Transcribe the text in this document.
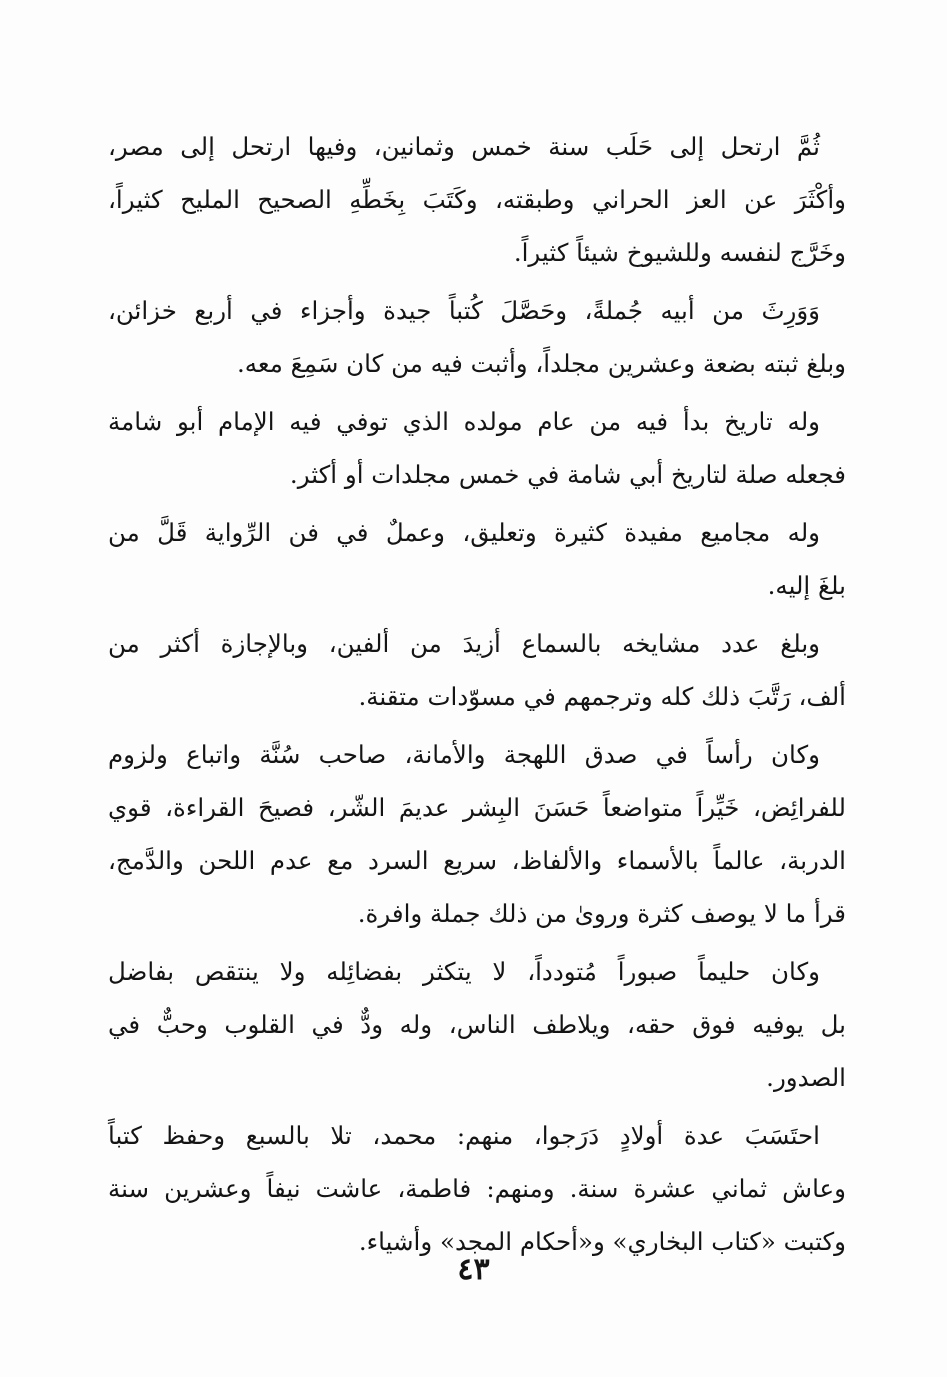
ثُمَّ ارتحل إلى حَلَب سنة خمس وثمانين، وفيها ارتحل إلى مصر،
وأكْثَرَ عن العز الحراني وطبقته، وكَتَبَ بِخَطِّهِ الصحيح المليح كثيراً،
وخَرَّج لنفسه وللشيوخ شيئاً كثيراً.

وَوَرِثَ من أبيه جُملةً، وحَصَّلَ كُتباً جيدة وأجزاء في أربع خزائن،
وبلغ ثبته بضعة وعشرين مجلداً، وأثبت فيه من كان سَمِعَ معه.

وله تاريخ بدأ فيه من عام مولده الذي توفي فيه الإمام أبو شامة
فجعله صلة لتاريخ أبي شامة في خمس مجلدات أو أكثر.

وله مجاميع مفيدة كثيرة وتعليق، وعملٌ في فن الرِّواية قَلَّ من
بلغَ إليه.

وبلغ عدد مشايخه بالسماع أزيدَ من ألفين، وبالإجازة أكثر من
ألف، رَتَّبَ ذلك كله وترجمهم في مسوّدات متقنة.

وكان رأساً في صدق اللهجة والأمانة، صاحب سُنَّة واتباع ولزوم
للفرائِض، خَيِّراً متواضعاً حَسَنَ البِشر عديمَ الشّر، فصيحَ القراءة، قوي
الدربة، عالماً بالأسماء والألفاظ، سريع السرد مع عدم اللحن والدَّمج،
قرأ ما لا يوصف كثرة وروىٰ من ذلك جملة وافرة.

وكان حليماً صبوراً مُتودداً، لا يتكثر بفضائِله ولا ينتقص بفاضل
بل يوفيه فوق حقه، ويلاطف الناس، وله ودٌّ في القلوب وحبٌّ في
الصدور.

احتَسَبَ عدة أولادٍ دَرَجوا، منهم: محمد، تلا بالسبع وحفظ كتباً
وعاش ثماني عشرة سنة. ومنهم: فاطمة، عاشت نيفاً وعشرين سنة
وكتبت «كتاب البخاري» و«أحكام المجد» وأشياء.

٤٣
